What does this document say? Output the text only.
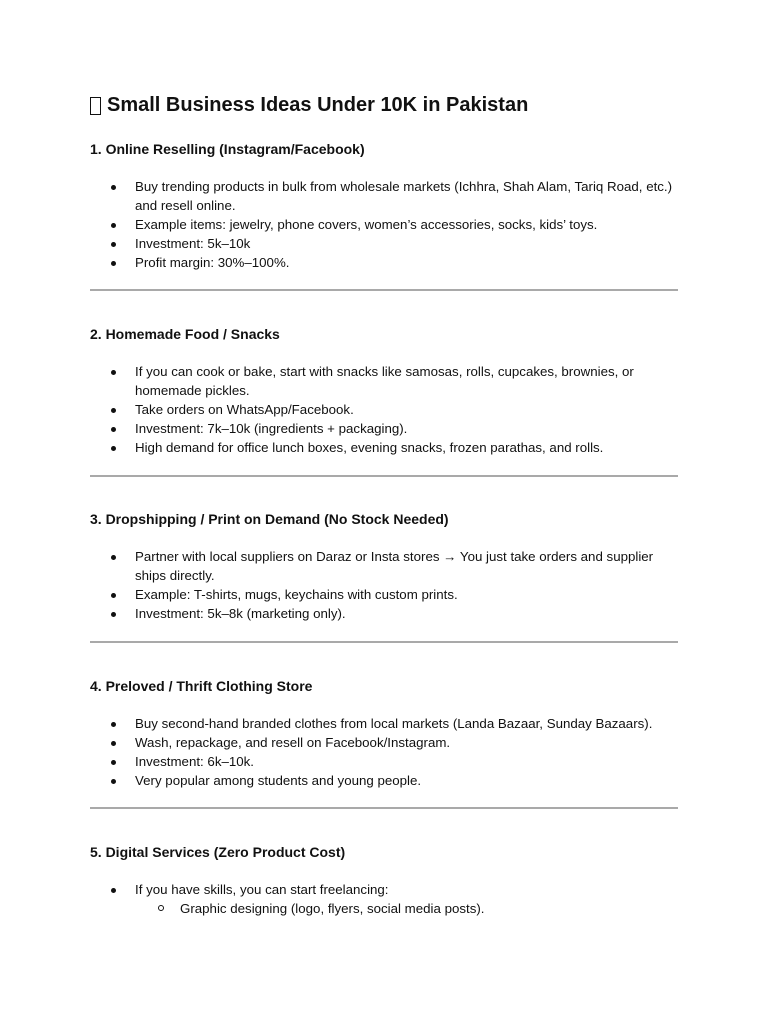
Small Business Ideas Under 10K in Pakistan
1. Online Reselling (Instagram/Facebook)
Buy trending products in bulk from wholesale markets (Ichhra, Shah Alam, Tariq Road, etc.) and resell online.
Example items: jewelry, phone covers, women’s accessories, socks, kids’ toys.
Investment: 5k–10k
Profit margin: 30%–100%.
2. Homemade Food / Snacks
If you can cook or bake, start with snacks like samosas, rolls, cupcakes, brownies, or homemade pickles.
Take orders on WhatsApp/Facebook.
Investment: 7k–10k (ingredients + packaging).
High demand for office lunch boxes, evening snacks, frozen parathas, and rolls.
3. Dropshipping / Print on Demand (No Stock Needed)
Partner with local suppliers on Daraz or Insta stores → You just take orders and supplier ships directly.
Example: T-shirts, mugs, keychains with custom prints.
Investment: 5k–8k (marketing only).
4. Preloved / Thrift Clothing Store
Buy second-hand branded clothes from local markets (Landa Bazaar, Sunday Bazaars).
Wash, repackage, and resell on Facebook/Instagram.
Investment: 6k–10k.
Very popular among students and young people.
5. Digital Services (Zero Product Cost)
If you have skills, you can start freelancing:
Graphic designing (logo, flyers, social media posts).
